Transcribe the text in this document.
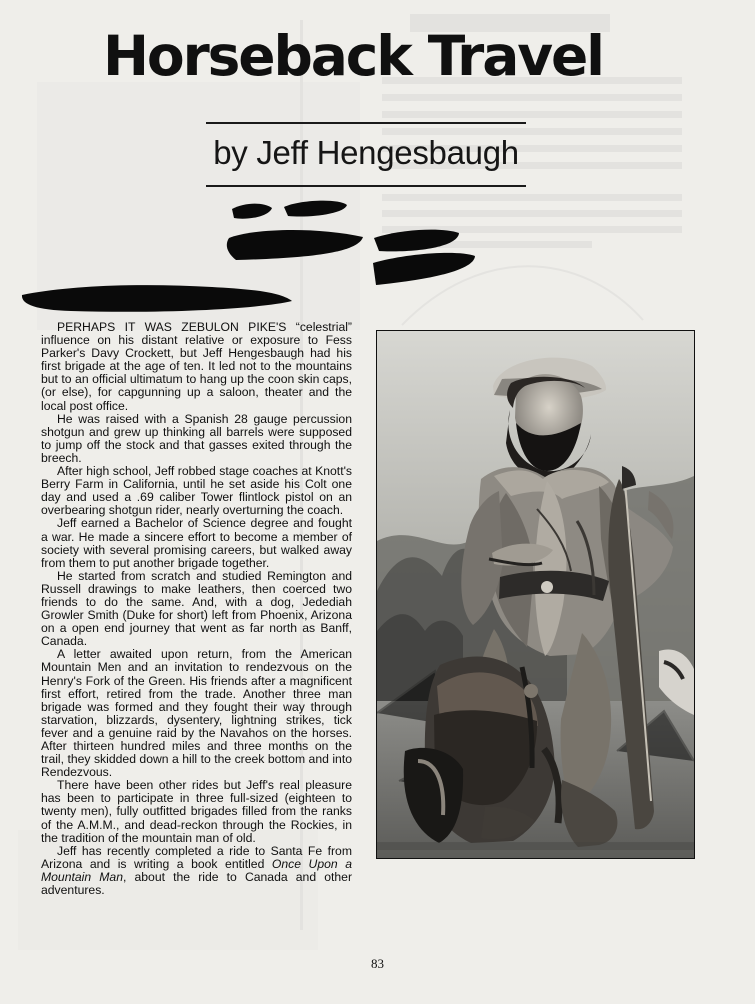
Horseback Travel
by Jeff Hengesbaugh

PERHAPS IT WAS ZEBULON PIKE'S “celestrial” influence on his distant relative or exposure to Fess Parker's Davy Crockett, but Jeff Hengesbaugh had his first brigade at the age of ten. It led not to the mountains but to an official ultimatum to hang up the coon skin caps, (or else), for capgunning up a saloon, theater and the local post office.

He was raised with a Spanish 28 gauge percussion shotgun and grew up thinking all barrels were supposed to jump off the stock and that gasses exited through the breech.

After high school, Jeff robbed stage coaches at Knott's Berry Farm in California, until he set aside his Colt one day and used a .69 caliber Tower flintlock pistol on an overbearing shotgun rider, nearly overturning the coach.

Jeff earned a Bachelor of Science degree and fought a war. He made a sincere effort to become a member of society with several promising careers, but walked away from them to put another brigade together.

He started from scratch and studied Remington and Russell drawings to make leathers, then coerced two friends to do the same. And, with a dog, Jedediah Growler Smith (Duke for short) left from Phoenix, Arizona on a open end journey that went as far north as Banff, Canada.

A letter awaited upon return, from the American Mountain Men and an invitation to rendezvous on the Henry's Fork of the Green. His friends after a magnificent first effort, retired from the trade. Another three man brigade was formed and they fought their way through starvation, blizzards, dysentery, lightning strikes, tick fever and a genuine raid by the Navahos on the horses. After thirteen hundred miles and three months on the trail, they skidded down a hill to the creek bottom and into Rendezvous.

There have been other rides but Jeff's real pleasure has been to participate in three full-sized (eighteen to twenty men), fully outfitted brigades filled from the ranks of the A.M.M., and dead-reckon through the Rockies, in the tradition of the mountain man of old.

Jeff has recently completed a ride to Santa Fe from Arizona and is writing a book entitled Once Upon a Mountain Man, about the ride to Canada and other adventures.

83
